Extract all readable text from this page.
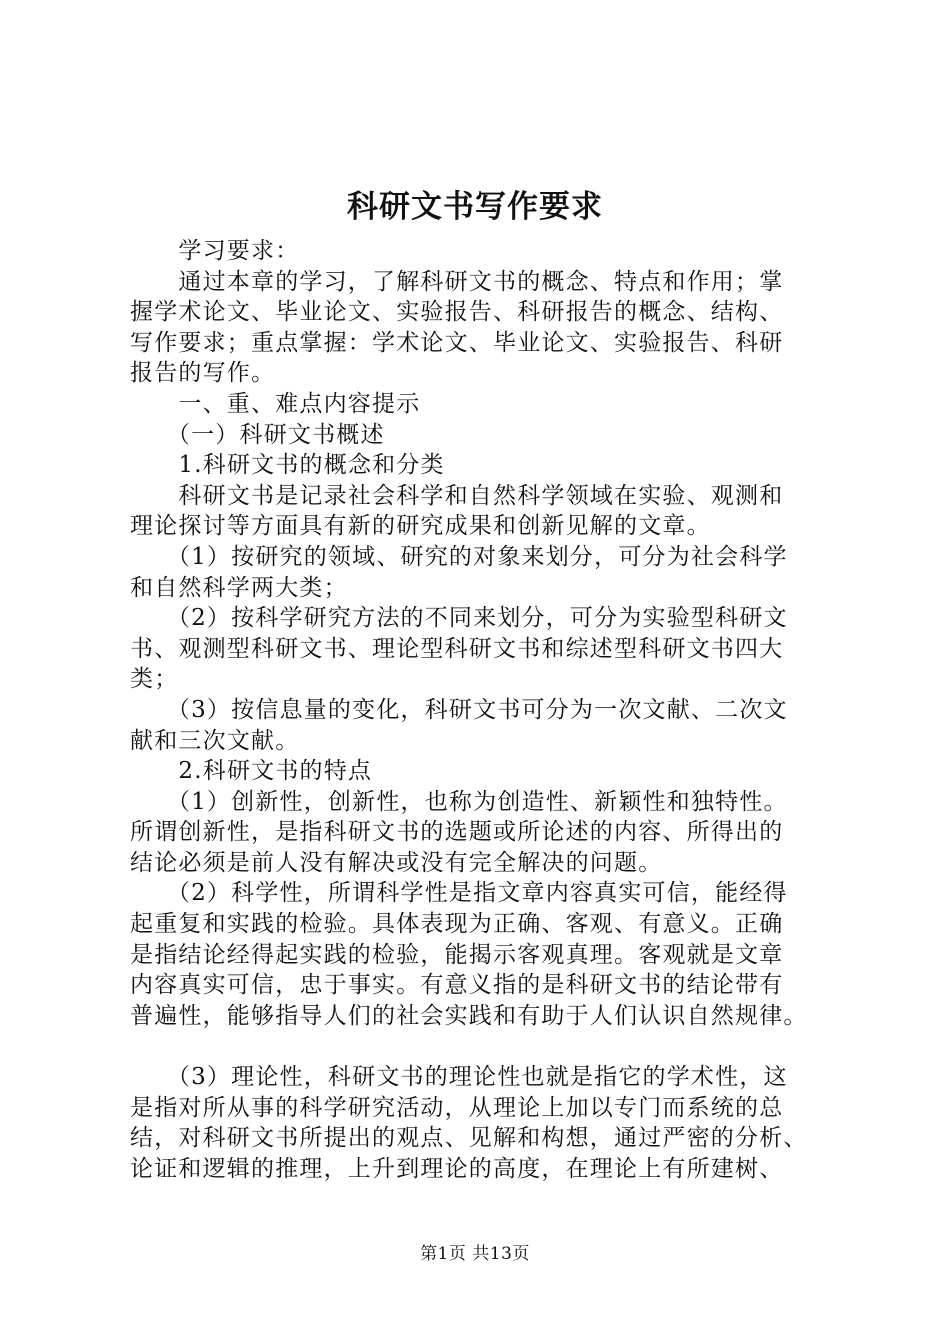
科研文书写作要求
　　学习要求：
　　通过本章的学习，了解科研文书的概念、特点和作用；掌
握学术论文、毕业论文、实验报告、科研报告的概念、结构、
写作要求；重点掌握：学术论文、毕业论文、实验报告、科研
报告的写作。
　　一、重、难点内容提示
　　（一）科研文书概述
　　1.科研文书的概念和分类
　　科研文书是记录社会科学和自然科学领域在实验、观测和
理论探讨等方面具有新的研究成果和创新见解的文章。
　　（1）按研究的领域、研究的对象来划分，可分为社会科学
和自然科学两大类；
　　（2）按科学研究方法的不同来划分，可分为实验型科研文
书、观测型科研文书、理论型科研文书和综述型科研文书四大
类；
　　（3）按信息量的变化，科研文书可分为一次文献、二次文
献和三次文献。
　　2.科研文书的特点
　　（1）创新性，创新性，也称为创造性、新颖性和独特性。
所谓创新性，是指科研文书的选题或所论述的内容、所得出的
结论必须是前人没有解决或没有完全解决的问题。
　　（2）科学性，所谓科学性是指文章内容真实可信，能经得
起重复和实践的检验。具体表现为正确、客观、有意义。正确
是指结论经得起实践的检验，能揭示客观真理。客观就是文章
内容真实可信，忠于事实。有意义指的是科研文书的结论带有
普遍性，能够指导人们的社会实践和有助于人们认识自然规律。
　　（3）理论性，科研文书的理论性也就是指它的学术性，这
是指对所从事的科学研究活动，从理论上加以专门而系统的总
结，对科研文书所提出的观点、见解和构想，通过严密的分析、
论证和逻辑的推理，上升到理论的高度，在理论上有所建树、
第1页 共13页
